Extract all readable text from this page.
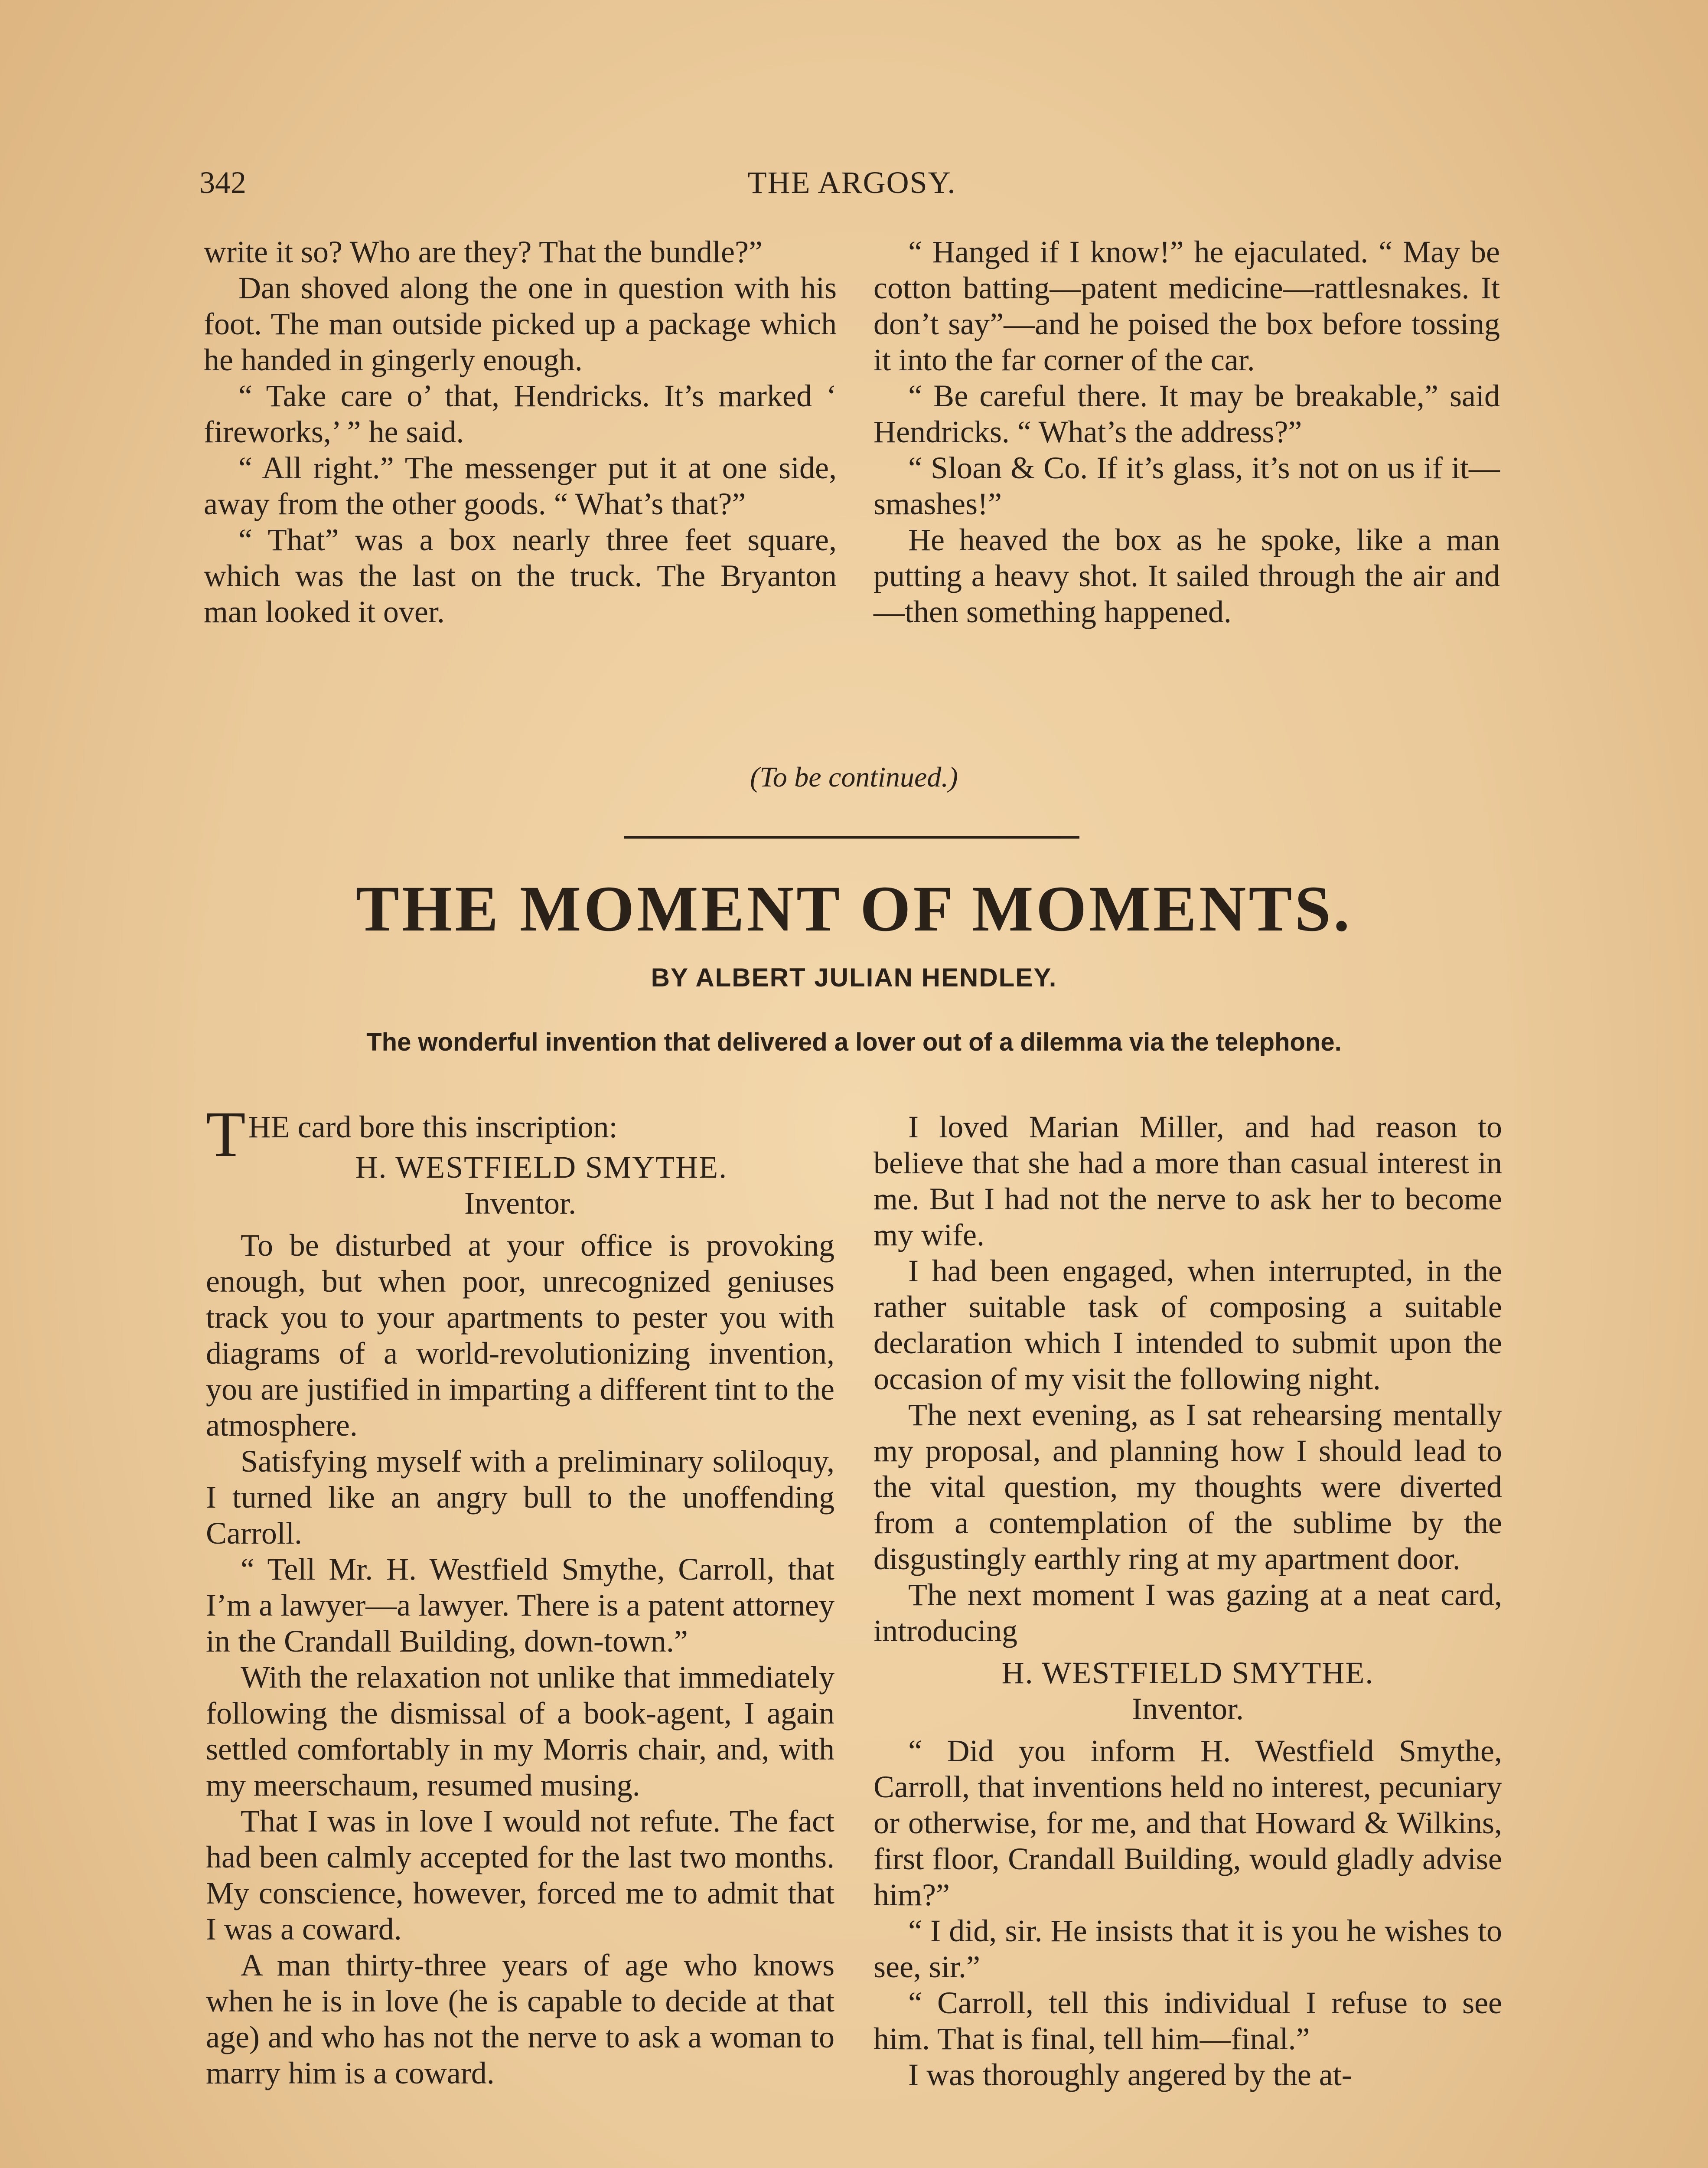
342	THE ARGOSY.

write it so? Who are they? That the bundle?”

Dan shoved along the one in question with his foot. The man outside picked up a package which he handed in gingerly enough.

“ Take care o’ that, Hendricks. It’s marked ‘ fireworks,’ ” he said.

“ All right.” The messenger put it at one side, away from the other goods. “ What’s that?”

“ That” was a box nearly three feet square, which was the last on the truck. The Bryanton man looked it over.

“ Hanged if I know!” he ejaculated. “ May be cotton batting—patent medicine—rattlesnakes. It don’t say”—and he poised the box before tossing it into the far corner of the car.

“ Be careful there. It may be breakable,” said Hendricks. “ What’s the address?”

“ Sloan & Co. If it’s glass, it’s not on us if it—smashes!”

He heaved the box as he spoke, like a man putting a heavy shot. It sailed through the air and—then something happened.

(To be continued.)
THE MOMENT OF MOMENTS.
BY ALBERT JULIAN HENDLEY.
The wonderful invention that delivered a lover out of a dilemma via the telephone.

THE card bore this inscription:

H. WESTFIELD SMYTHE.

Inventor.

To be disturbed at your office is provoking enough, but when poor, unrecognized geniuses track you to your apartments to pester you with diagrams of a world-revolutionizing invention, you are justified in imparting a different tint to the atmosphere.

Satisfying myself with a preliminary soliloquy, I turned like an angry bull to the unoffending Carroll.

“ Tell Mr. H. Westfield Smythe, Carroll, that I’m a lawyer—a lawyer. There is a patent attorney in the Crandall Building, down-town.”

With the relaxation not unlike that immediately following the dismissal of a book-agent, I again settled comfortably in my Morris chair, and, with my meerschaum, resumed musing.

That I was in love I would not refute. The fact had been calmly accepted for the last two months. My conscience, however, forced me to admit that I was a coward.

A man thirty-three years of age who knows when he is in love (he is capable to decide at that age) and who has not the nerve to ask a woman to marry him is a coward.

I loved Marian Miller, and had reason to believe that she had a more than casual interest in me. But I had not the nerve to ask her to become my wife.

I had been engaged, when interrupted, in the rather suitable task of composing a suitable declaration which I intended to submit upon the occasion of my visit the following night.

The next evening, as I sat rehearsing mentally my proposal, and planning how I should lead to the vital question, my thoughts were diverted from a contemplation of the sublime by the disgustingly earthly ring at my apartment door.

The next moment I was gazing at a neat card, introducing

H. WESTFIELD SMYTHE.

Inventor.

“ Did you inform H. Westfield Smythe, Carroll, that inventions held no interest, pecuniary or otherwise, for me, and that Howard & Wilkins, first floor, Crandall Building, would gladly advise him?”

“ I did, sir. He insists that it is you he wishes to see, sir.”

“ Carroll, tell this individual I refuse to see him. That is final, tell him—final.”

I was thoroughly angered by the at-
